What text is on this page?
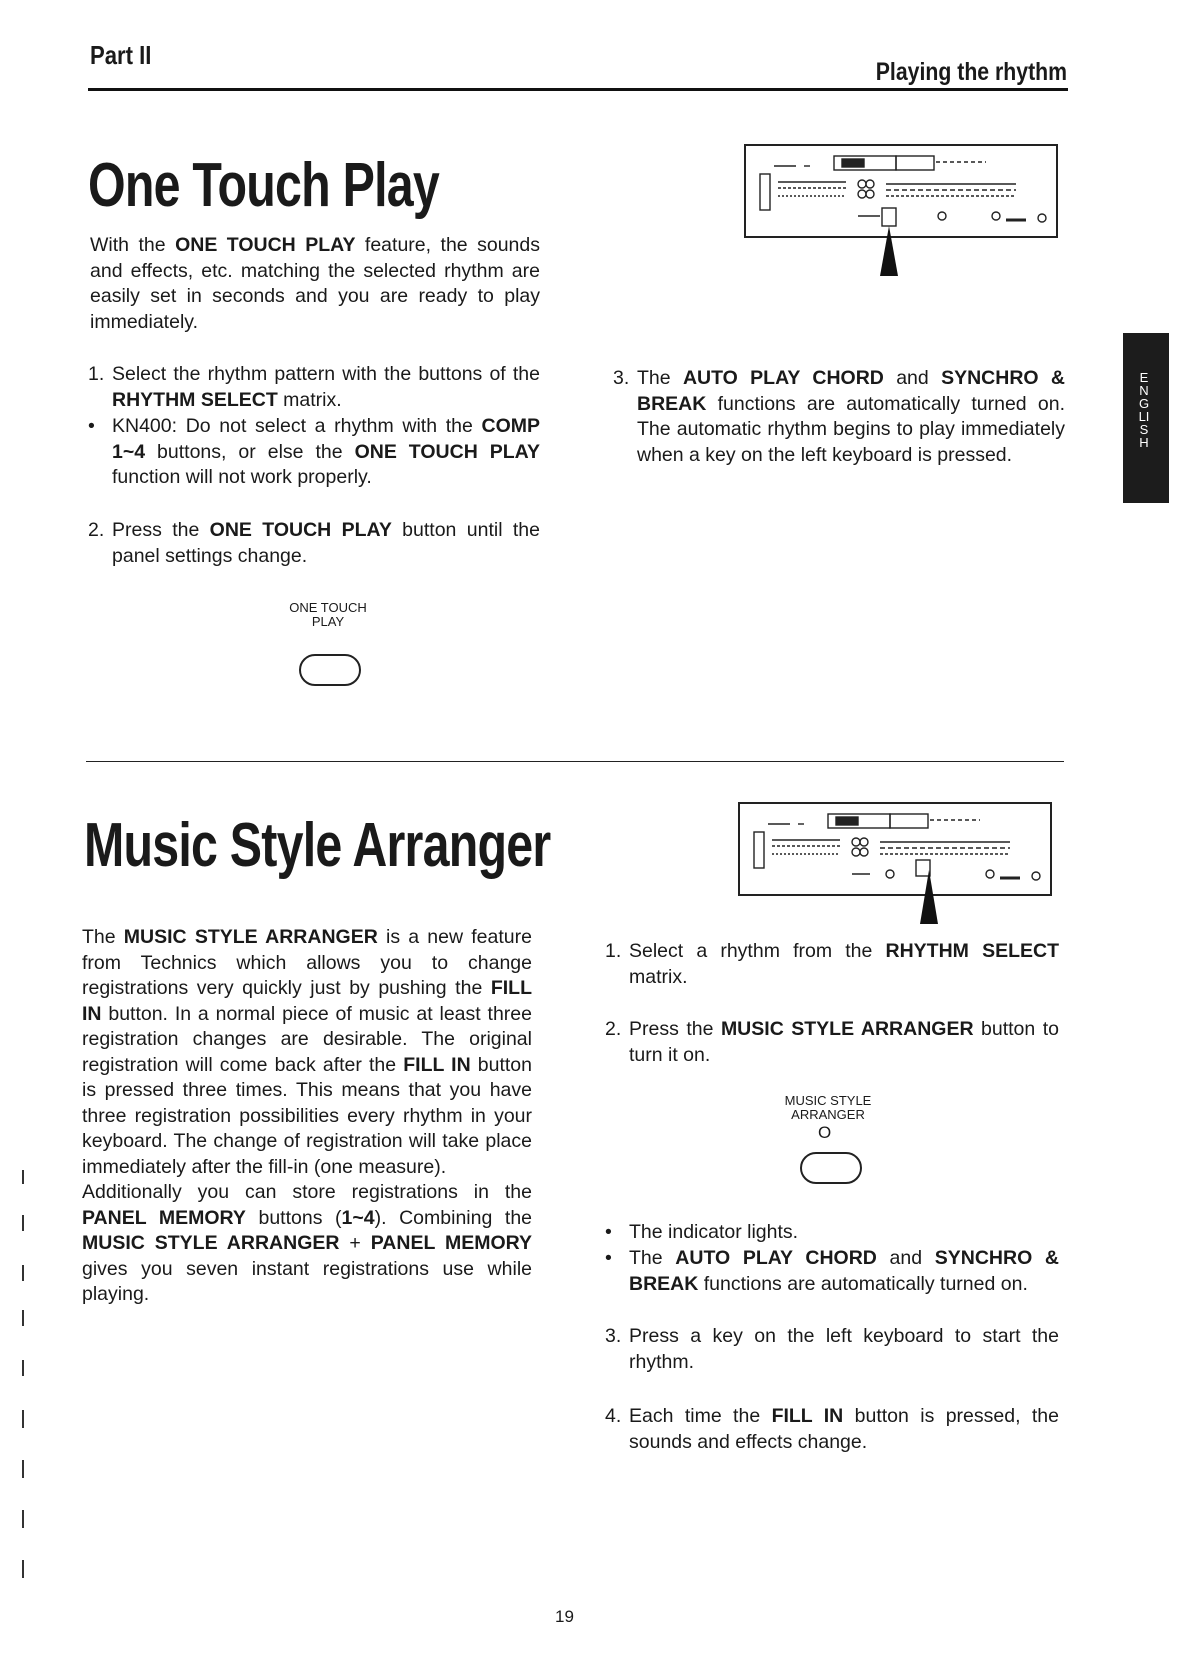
Part II
Playing the rhythm
ENGLISH
One Touch Play
With the ONE TOUCH PLAY feature, the sounds and effects, etc. matching the selected rhythm are easily set in seconds and you are ready to play immediately.
1. Select the rhythm pattern with the buttons of the RHYTHM SELECT matrix.
• KN400: Do not select a rhythm with the COMP 1~4 buttons, or else the ONE TOUCH PLAY function will not work properly.
2. Press the ONE TOUCH PLAY button until the panel settings change.
ONE TOUCH
PLAY
3. The AUTO PLAY CHORD and SYNCHRO & BREAK functions are automatically turned on. The automatic rhythm begins to play immediately when a key on the left keyboard is pressed.
Music Style Arranger
The MUSIC STYLE ARRANGER is a new feature from Technics which allows you to change registrations very quickly just by pushing the FILL IN button. In a normal piece of music at least three registration changes are desirable. The original registration will come back after the FILL IN button is pressed three times. This means that you have three registration possibilities every rhythm in your keyboard. The change of registration will take place immediately after the fill-in (one measure).
Additionally you can store registrations in the PANEL MEMORY buttons (1~4). Combining the MUSIC STYLE ARRANGER + PANEL MEMORY gives you seven instant registrations use while playing.
1. Select a rhythm from the RHYTHM SELECT matrix.
2. Press the MUSIC STYLE ARRANGER button to turn it on.
MUSIC STYLE
ARRANGER
O
• The indicator lights.
• The AUTO PLAY CHORD and SYNCHRO & BREAK functions are automatically turned on.
3. Press a key on the left keyboard to start the rhythm.
4. Each time the FILL IN button is pressed, the sounds and effects change.
19
